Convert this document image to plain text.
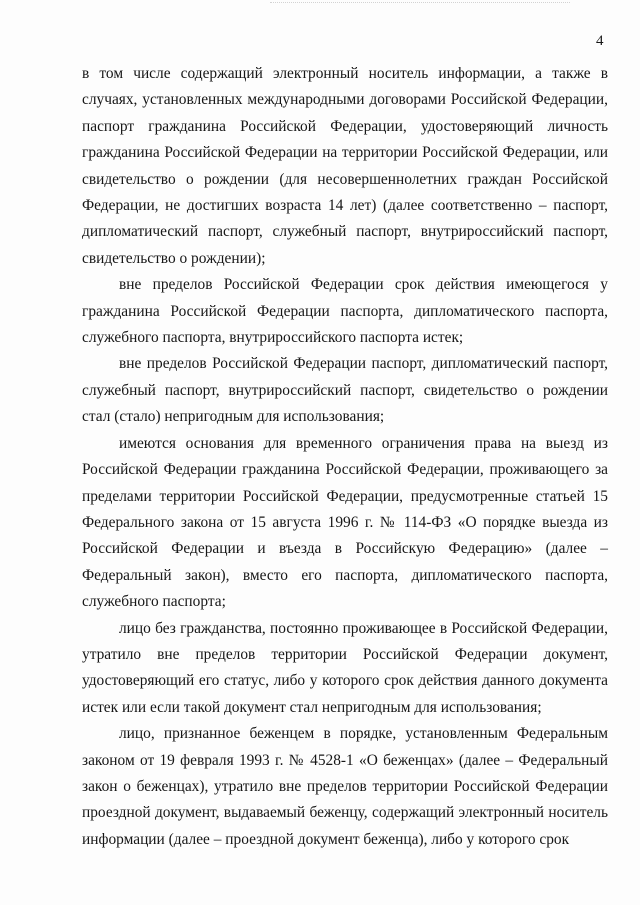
4

в том числе содержащий электронный носитель информации, а также в случаях, установленных международными договорами Российской Федерации, паспорт гражданина Российской Федерации, удостоверяющий личность гражданина Российской Федерации на территории Российской Федерации, или свидетельство о рождении (для несовершеннолетних граждан Российской Федерации, не достигших возраста 14 лет) (далее соответственно – паспорт, дипломатический паспорт, служебный паспорт, внутрироссийский паспорт, свидетельство о рождении);

вне пределов Российской Федерации срок действия имеющегося у гражданина Российской Федерации паспорта, дипломатического паспорта, служебного паспорта, внутрироссийского паспорта истек;

вне пределов Российской Федерации паспорт, дипломатический паспорт, служебный паспорт, внутрироссийский паспорт, свидетельство о рождении стал (стало) непригодным для использования;

имеются основания для временного ограничения права на выезд из Российской Федерации гражданина Российской Федерации, проживающего за пределами территории Российской Федерации, предусмотренные статьей 15 Федерального закона от 15 августа 1996 г. № 114-ФЗ «О порядке выезда из Российской Федерации и въезда в Российскую Федерацию» (далее – Федеральный закон), вместо его паспорта, дипломатического паспорта, служебного паспорта;

лицо без гражданства, постоянно проживающее в Российской Федерации, утратило вне пределов территории Российской Федерации документ, удостоверяющий его статус, либо у которого срок действия данного документа истек или если такой документ стал непригодным для использования;

лицо, признанное беженцем в порядке, установленным Федеральным законом от 19 февраля 1993 г. № 4528-1 «О беженцах» (далее – Федеральный закон о беженцах), утратило вне пределов территории Российской Федерации проездной документ, выдаваемый беженцу, содержащий электронный носитель информации (далее – проездной документ беженца), либо у которого срок
